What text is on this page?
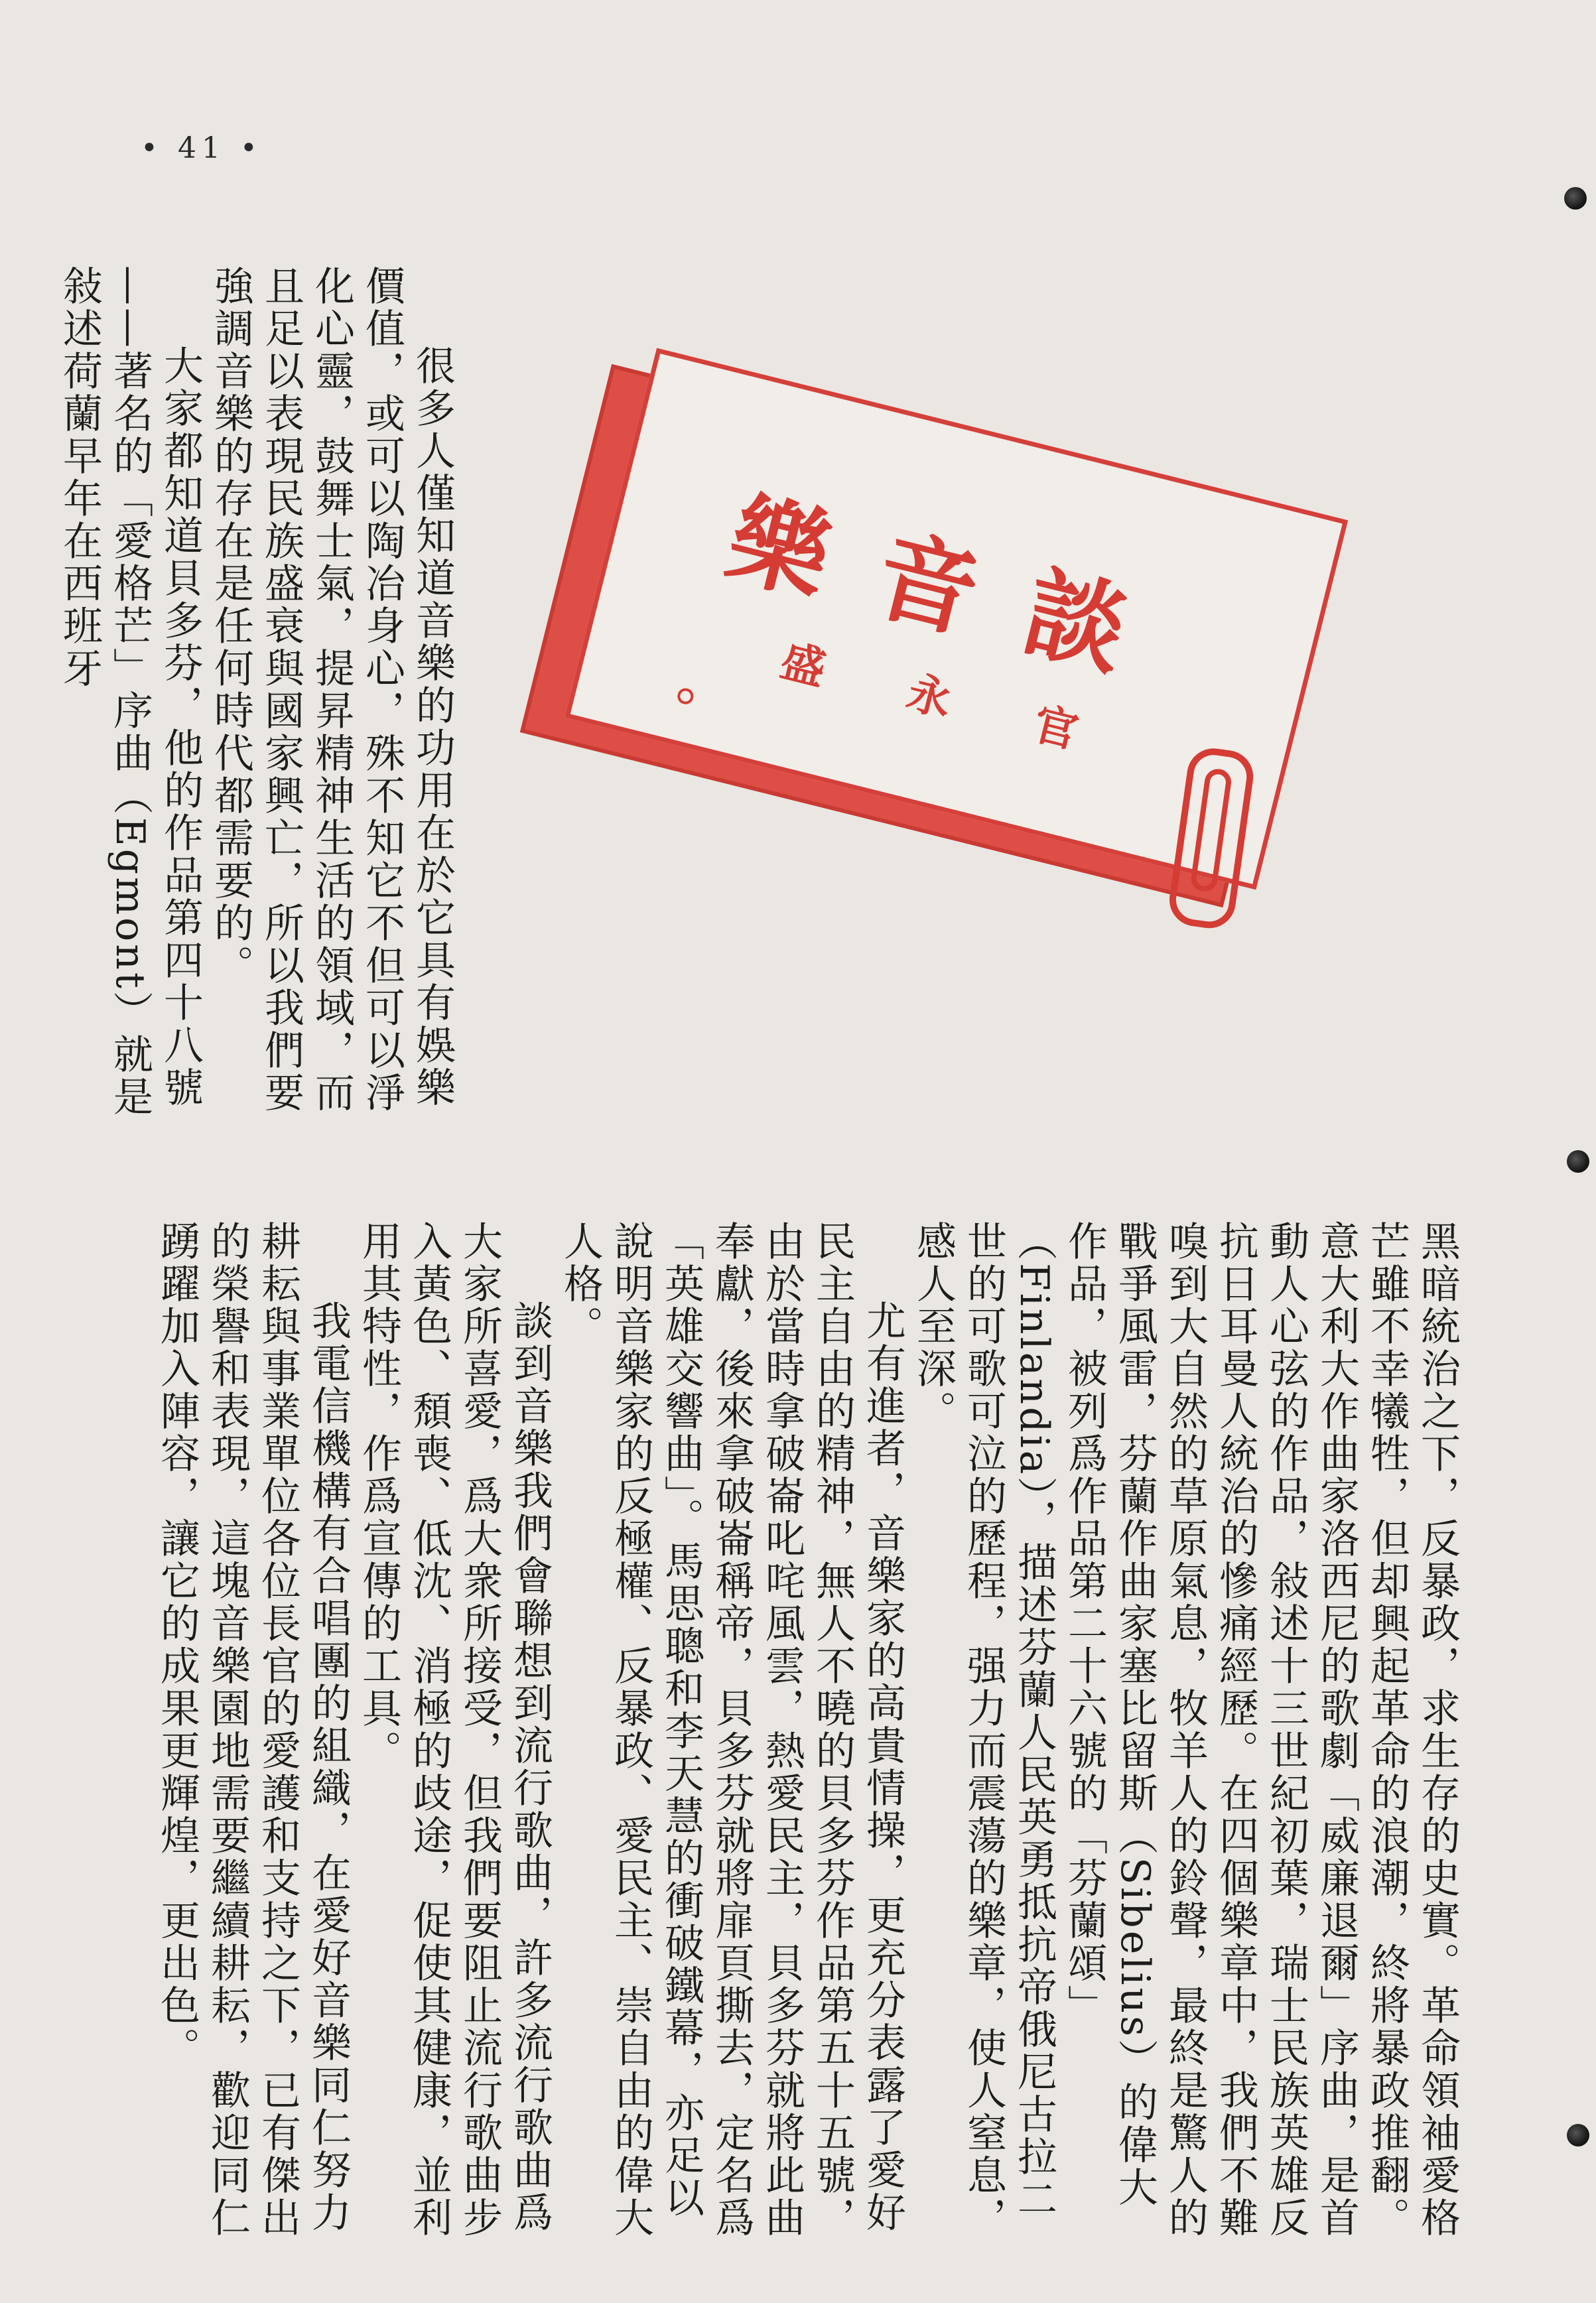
• 41 •
樂 音 談
盛
永
官

很多人僅知道音樂的功用在於它具有娛樂價值，或可以陶冶身心，殊不知它不但可以淨化心靈，鼓舞士氣，提昇精神生活的領域，而且足以表現民族盛衰與國家興亡，所以我們要強調音樂的存在是任何時代都需要的。

大家都知道貝多芬，他的作品第四十八號——著名的「愛格芒」序曲（Egmont）就是敍述荷蘭早年在西班牙

黑暗統治之下，反暴政，求生存的史實。革命領袖愛格芒雖不幸犧牲，但却興起革命的浪潮，終將暴政推翻。意大利大作曲家洛西尼的歌劇「威廉退爾」序曲，是首動人心弦的作品，敍述十三世紀初葉，瑞士民族英雄反抗日耳曼人統治的慘痛經歷。在四個樂章中，我們不難嗅到大自然的草原氣息，牧羊人的鈴聲，最終是驚人的戰爭風雷，芬蘭作曲家塞比留斯（Sibelius）的偉大作品，被列爲作品第二十六號的「芬蘭頌」（Finlandia），描述芬蘭人民英勇抵抗帝俄尼古拉二世的可歌可泣的歷程，强力而震蕩的樂章，使人窒息，感人至深。

尤有進者，音樂家的高貴情操，更充分表露了愛好民主自由的精神，無人不曉的貝多芬作品第五十五號，由於當時拿破崙叱咤風雲，熱愛民主，貝多芬就將此曲奉獻，後來拿破崙稱帝，貝多芬就將扉頁撕去，定名爲「英雄交響曲」。馬思聰和李天慧的衝破鐵幕，亦足以說明音樂家的反極權、反暴政、愛民主、崇自由的偉大人格。

談到音樂我們會聯想到流行歌曲，許多流行歌曲爲大家所喜愛，爲大衆所接受，但我們要阻止流行歌曲步入黃色、頹喪、低沈、消極的歧途，促使其健康，並利用其特性，作爲宣傳的工具。

我電信機構有合唱團的組織，在愛好音樂同仁努力耕耘與事業單位各位長官的愛護和支持之下，已有傑出的榮譽和表現，這塊音樂園地需要繼續耕耘，歡迎同仁踴躍加入陣容，讓它的成果更輝煌，更出色。
